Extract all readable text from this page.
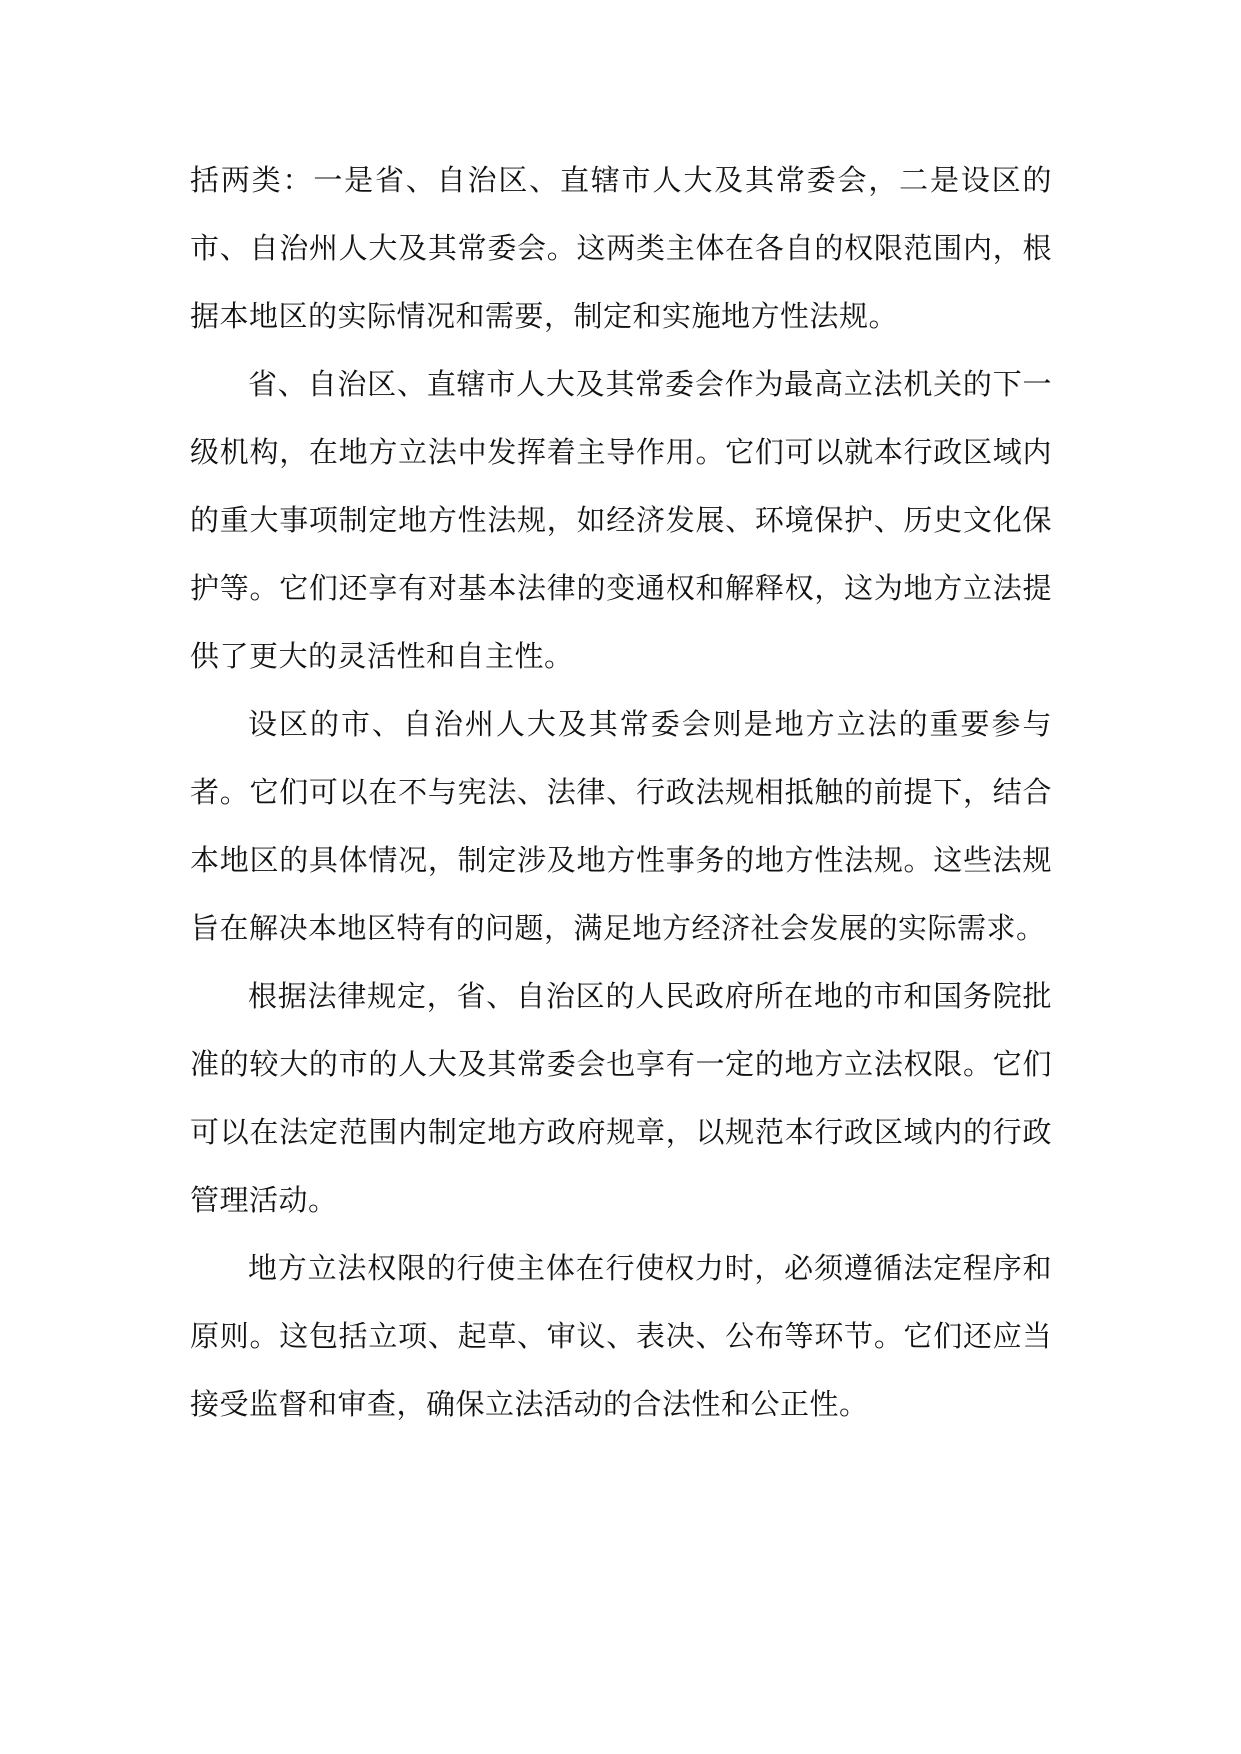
括两类：一是省、自治区、直辖市人大及其常委会，二是设区的市、自治州人大及其常委会。这两类主体在各自的权限范围内，根据本地区的实际情况和需要，制定和实施地方性法规。

省、自治区、直辖市人大及其常委会作为最高立法机关的下一级机构，在地方立法中发挥着主导作用。它们可以就本行政区域内的重大事项制定地方性法规，如经济发展、环境保护、历史文化保护等。它们还享有对基本法律的变通权和解释权，这为地方立法提供了更大的灵活性和自主性。

设区的市、自治州人大及其常委会则是地方立法的重要参与者。它们可以在不与宪法、法律、行政法规相抵触的前提下，结合本地区的具体情况，制定涉及地方性事务的地方性法规。这些法规旨在解决本地区特有的问题，满足地方经济社会发展的实际需求。

根据法律规定，省、自治区的人民政府所在地的市和国务院批准的较大的市的人大及其常委会也享有一定的地方立法权限。它们可以在法定范围内制定地方政府规章，以规范本行政区域内的行政管理活动。

地方立法权限的行使主体在行使权力时，必须遵循法定程序和原则。这包括立项、起草、审议、表决、公布等环节。它们还应当接受监督和审查，确保立法活动的合法性和公正性。
